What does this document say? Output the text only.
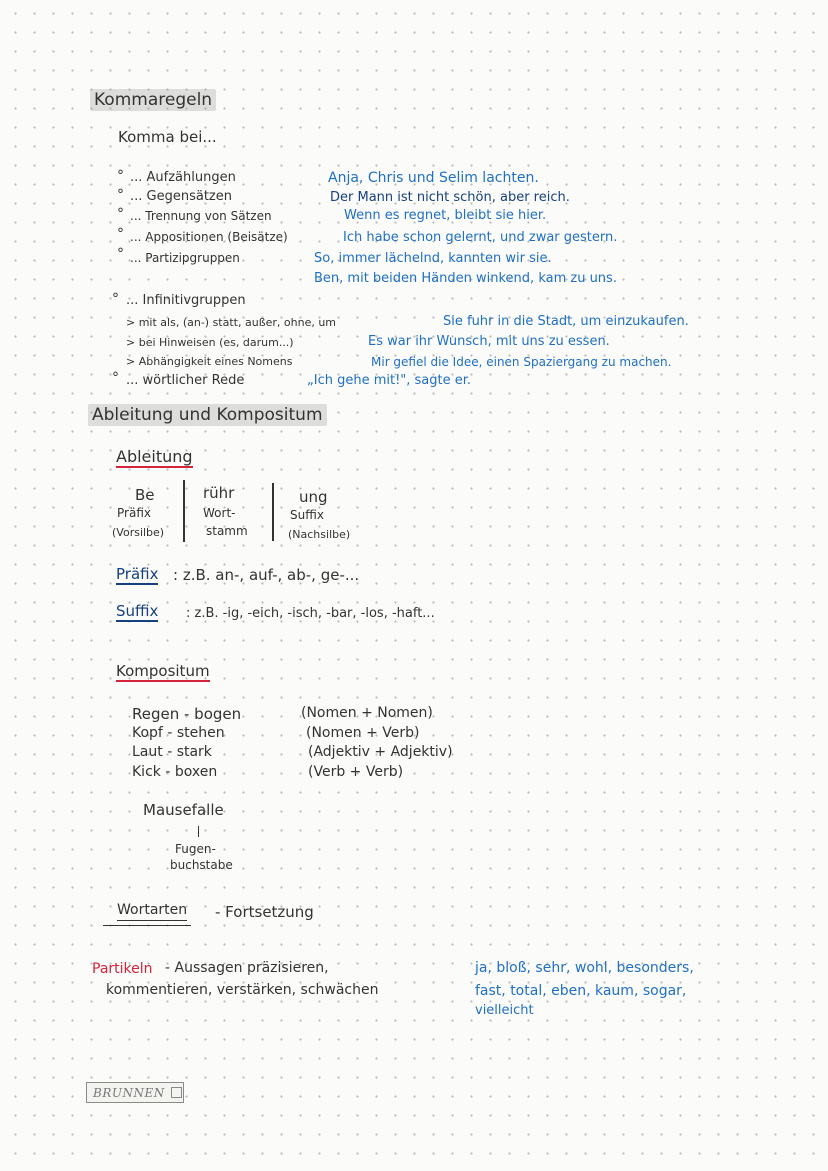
Kommaregeln
Komma bei...
° ... Aufzählungen	Anja, Chris und Selim lachten.
° ... Gegensätzen	Der Mann ist nicht schön, aber reich.
° ... Trennung von Sätzen	Wenn es regnet, bleibt sie hier.
° ... Appositionen (Beisätze)	Ich habe schon gelernt, und zwar gestern.
° ... Partizipgruppen	So, immer lächelnd, kannten wir sie.
Ben, mit beiden Händen winkend, kam zu uns.
° ... Infinitivgruppen
> mit als, (an-) statt, außer, ohne, um	Sie fuhr in die Stadt, um einzukaufen.
> bei Hinweisen (es, darum...)	Es war ihr Wunsch, mit uns zu essen.
> Abhängigkeit eines Nomens	Mir gefiel die Idee, einen Spaziergang zu machen.
° ... wörtlicher Rede	„Ich gehe mit!", sagte er.
Ableitung und Kompositum
Ableitung
Be
Präfix
(Vorsilbe)
rühr
Wort-
stamm
ung
Suffix
(Nachsilbe)
Präfix : z.B. an-, auf-, ab-, ge-...
Suffix : z.B. -ig, -eich, -isch, -bar, -los, -haft...
Kompositum
Regen - bogen	(Nomen + Nomen)
Kopf - stehen	(Nomen + Verb)
Laut - stark	(Adjektiv + Adjektiv)
Kick - boxen	(Verb + Verb)
Mausefalle
Fugen-
buchstabe
Wortarten - Fortsetzung
Partikeln - Aussagen präzisieren,
kommentieren, verstärken, schwächen
ja, bloß, sehr, wohl, besonders,
fast, total, eben, kaum, sogar,
vielleicht
BRUNNEN
